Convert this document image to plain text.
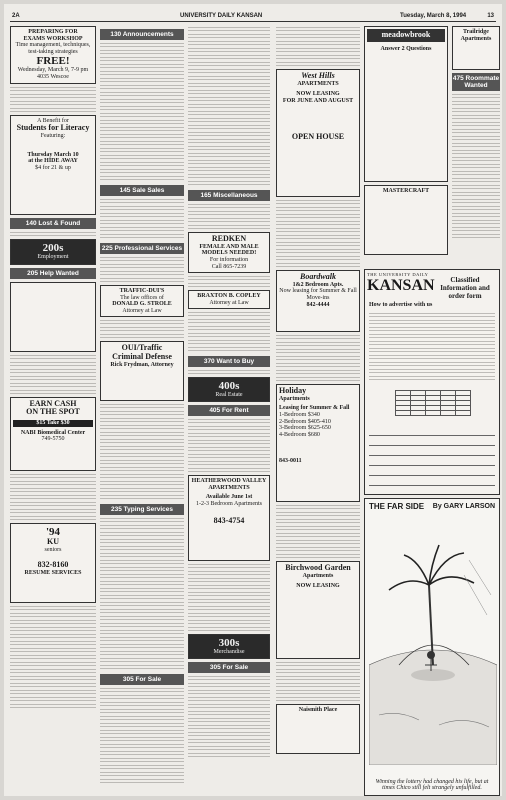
2A	UNIVERSITY DAILY KANSAN	Tuesday, March 8, 1994	13
PREPARING FOR
EXAMS WORKSHOP
Time management, techniques, test-taking strategies
FREE!
Wednesday, March 9, 7-9 pm
4035 Wescoe
A Benefit for
Students for Literacy
Featuring:
Thursday March 10
at the HIDE AWAY
$4 for 21 & up
140 Lost & Found
200s
Employment
205 Help Wanted
EARN CASH
ON THE SPOT
$15 Take $30
NABI Biomedical Center
749-5750
'94
KU
seniors
832-8160
RESUME SERVICES
130 Announcements
145 Sale Sales
225 Professional Services
TRAFFIC-DUI'S
The law offices of
DONALD G. STROLE
Attorney at Law
OUI/Traffic
Criminal Defense
Rick Frydman, Attorney
235 Typing Services
305 For Sale
165 Miscellaneous
REDKEN
FEMALE AND MALE MODELS NEEDED!
For information
Call 865-7239
BRAXTON B. COPLEY
Attorney at Law
370 Want to Buy
400s
Real Estate
405 For Rent
HEATHERWOOD VALLEY APARTMENTS
Available June 1st
1-2-3 Bedroom Apartments
843-4754
300s
Merchandise
305 For Sale
West Hills
APARTMENTS
NOW LEASING
FOR JUNE AND AUGUST
OPEN HOUSE
Boardwalk
1&2 Bedroom Apts.
Now leasing for Summer & Fall Move-ins
842-4444
Holiday
Apartments
Leasing for Summer & Fall
1-Bedroom $340
2-Bedroom $405-410
3-Bedroom $625-650
4-Bedroom $680
843-0011
Birchwood Garden
Apartments
NOW LEASING
Naismith Place
meadowbrook
Answer 2 Questions
MASTERCRAFT
Trailridge Apartments
475 Roommate Wanted
THE UNIVERSITY DAILY
KANSAN	Classified Information and order form
How to advertise with us

THE FAR SIDE By GARY LARSON
Winning the lottery had changed his life, but at times Chico still felt strangely unfulfilled.
